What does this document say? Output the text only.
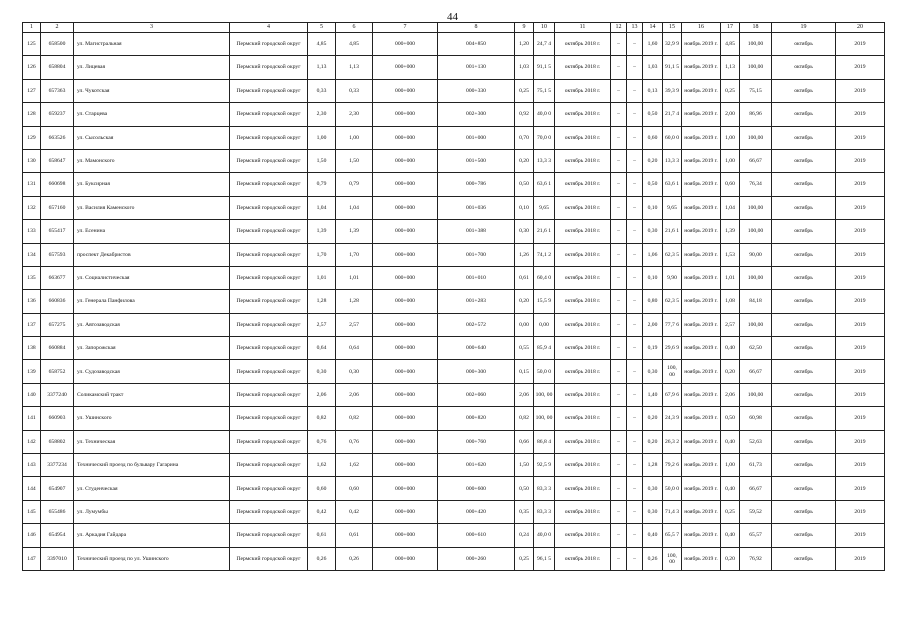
44
1	2	3	4	5	6	7	8	9	10	11	12	13	14	15	16	17	18	19	20
125	658500	ул. Магистральная	Пермский городской округ	4,85	4,85	000+000	004+850	1,20	24,7 4	октябрь 2018 г.	–	–	1,60	32,9 9	ноябрь 2019 г.	4,85	100,00	октябрь	2019
126	658804	ул. Лицевая	Пермский городской округ	1,13	1,13	000+000	001+130	1,03	91,1 5	октябрь 2018 г.	–	–	1,03	91,1 5	ноябрь 2019 г.	1,13	100,00	октябрь	2019
127	657363	ул. Чукотская	Пермский городской округ	0,33	0,33	000+000	000+330	0,25	75,1 5	октябрь 2018 г.	–	–	0,13	39,3 9	ноябрь 2019 г.	0,25	75,15	октябрь	2019
128	659237	ул. Старцева	Пермский городской округ	2,30	2,30	000+000	002+300	0,92	40,0 0	октябрь 2018 г.	–	–	0,50	21,7 4	ноябрь 2019 г.	2,00	86,96	октябрь	2019
129	663526	ул. Сысольская	Пермский городской округ	1,00	1,00	000+000	001+000	0,70	70,0 0	октябрь 2018 г.	–	–	0,60	60,0 0	ноябрь 2019 г.	1,00	100,00	октябрь	2019
130	658647	ул. Мамонского	Пермский городской округ	1,50	1,50	000+000	001+500	0,20	13,3 3	октябрь 2018 г.	–	–	0,20	13,3 3	ноябрь 2019 г.	1,00	66,67	октябрь	2019
131	660698	ул. Буксирная	Пермский городской округ	0,79	0,79	000+000	000+786	0,50	63,6 1	октябрь 2018 г.	–	–	0,50	63,6 1	ноябрь 2019 г.	0,60	76,34	октябрь	2019
132	657160	ул. Василия Каменского	Пермский городской округ	1,04	1,04	000+000	001+036	0,10	9,65	октябрь 2018 г.	–	–	0,10	9,65	ноябрь 2019 г.	1,04	100,00	октябрь	2019
133	655417	ул. Есенина	Пермский городской округ	1,39	1,39	000+000	001+388	0,30	21,6 1	октябрь 2018 г.	–	–	0,30	21,6 1	ноябрь 2019 г.	1,39	100,00	октябрь	2019
134	657593	проспект Декабристов	Пермский городской округ	1,70	1,70	000+000	001+700	1,26	74,1 2	октябрь 2018 г.	–	–	1,06	62,3 5	ноябрь 2019 г.	1,53	90,00	октябрь	2019
135	663677	ул. Социалистическая	Пермский городской округ	1,01	1,01	000+000	001+010	0,61	60,4 0	октябрь 2018 г.	–	–	0,10	9,90	ноябрь 2019 г.	1,01	100,00	октябрь	2019
136	660836	ул. Генерала Панфилова	Пермский городской округ	1,28	1,28	000+000	001+283	0,20	15,5 9	октябрь 2018 г.	–	–	0,80	62,3 5	ноябрь 2019 г.	1,08	84,18	октябрь	2019
137	657275	ул. Автозаводская	Пермский городской округ	2,57	2,57	000+000	002+572	0,00	0,00	октябрь 2018 г.	–	–	2,00	77,7 6	ноябрь 2019 г.	2,57	100,00	октябрь	2019
138	660884	ул. Запорожская	Пермский городской округ	0,64	0,64	000+000	000+640	0,55	85,9 4	октябрь 2018 г.	–	–	0,19	29,6 9	ноябрь 2019 г.	0,40	62,50	октябрь	2019
139	658752	ул. Судозаводская	Пермский городской округ	0,30	0,30	000+000	000+300	0,15	50,0 0	октябрь 2018 г.	–	–	0,30	100, 00	ноябрь 2019 г.	0,20	66,67	октябрь	2019
140	3377240	Соликамский тракт	Пермский городской округ	2,06	2,06	000+000	002+060	2,06	100, 00	октябрь 2018 г.	–	–	1,40	67,9 6	ноябрь 2019 г.	2,06	100,00	октябрь	2019
141	660903	ул. Ушинского	Пермский городской округ	0,82	0,82	000+000	000+820	0,82	100, 00	октябрь 2018 г.	–	–	0,20	24,3 9	ноябрь 2019 г.	0,50	60,98	октябрь	2019
142	658802	ул. Техническая	Пермский городской округ	0,76	0,76	000+000	000+760	0,66	86,8 4	октябрь 2018 г.	–	–	0,20	26,3 2	ноябрь 2019 г.	0,40	52,63	октябрь	2019
143	3377234	Технический проезд по бульвару Гагарина	Пермский городской округ	1,62	1,62	000+000	001+620	1,50	92,5 9	октябрь 2018 г.	–	–	1,28	79,2 6	ноябрь 2019 г.	1,00	61,73	октябрь	2019
144	654907	ул. Студенческая	Пермский городской округ	0,60	0,60	000+000	000+600	0,50	83,3 3	октябрь 2018 г.	–	–	0,30	50,0 0	ноябрь 2019 г.	0,40	66,67	октябрь	2019
145	655486	ул. Лумумбы	Пермский городской округ	0,42	0,42	000+000	000+420	0,35	83,3 3	октябрь 2018 г.	–	–	0,30	71,4 3	ноябрь 2019 г.	0,25	59,52	октябрь	2019
146	654954	ул. Аркадия Гайдара	Пермский городской округ	0,61	0,61	000+000	000+610	0,24	40,0 0	октябрь 2018 г.	–	–	0,40	65,5 7	ноябрь 2019 г.	0,40	65,57	октябрь	2019
147	3397010	Технический проезд по ул. Ушинского	Пермский городской округ	0,26	0,26	000+000	000+260	0,25	96,1 5	октябрь 2018 г.	–	–	0,26	100, 00	ноябрь 2019 г.	0,20	76,92	октябрь	2019
